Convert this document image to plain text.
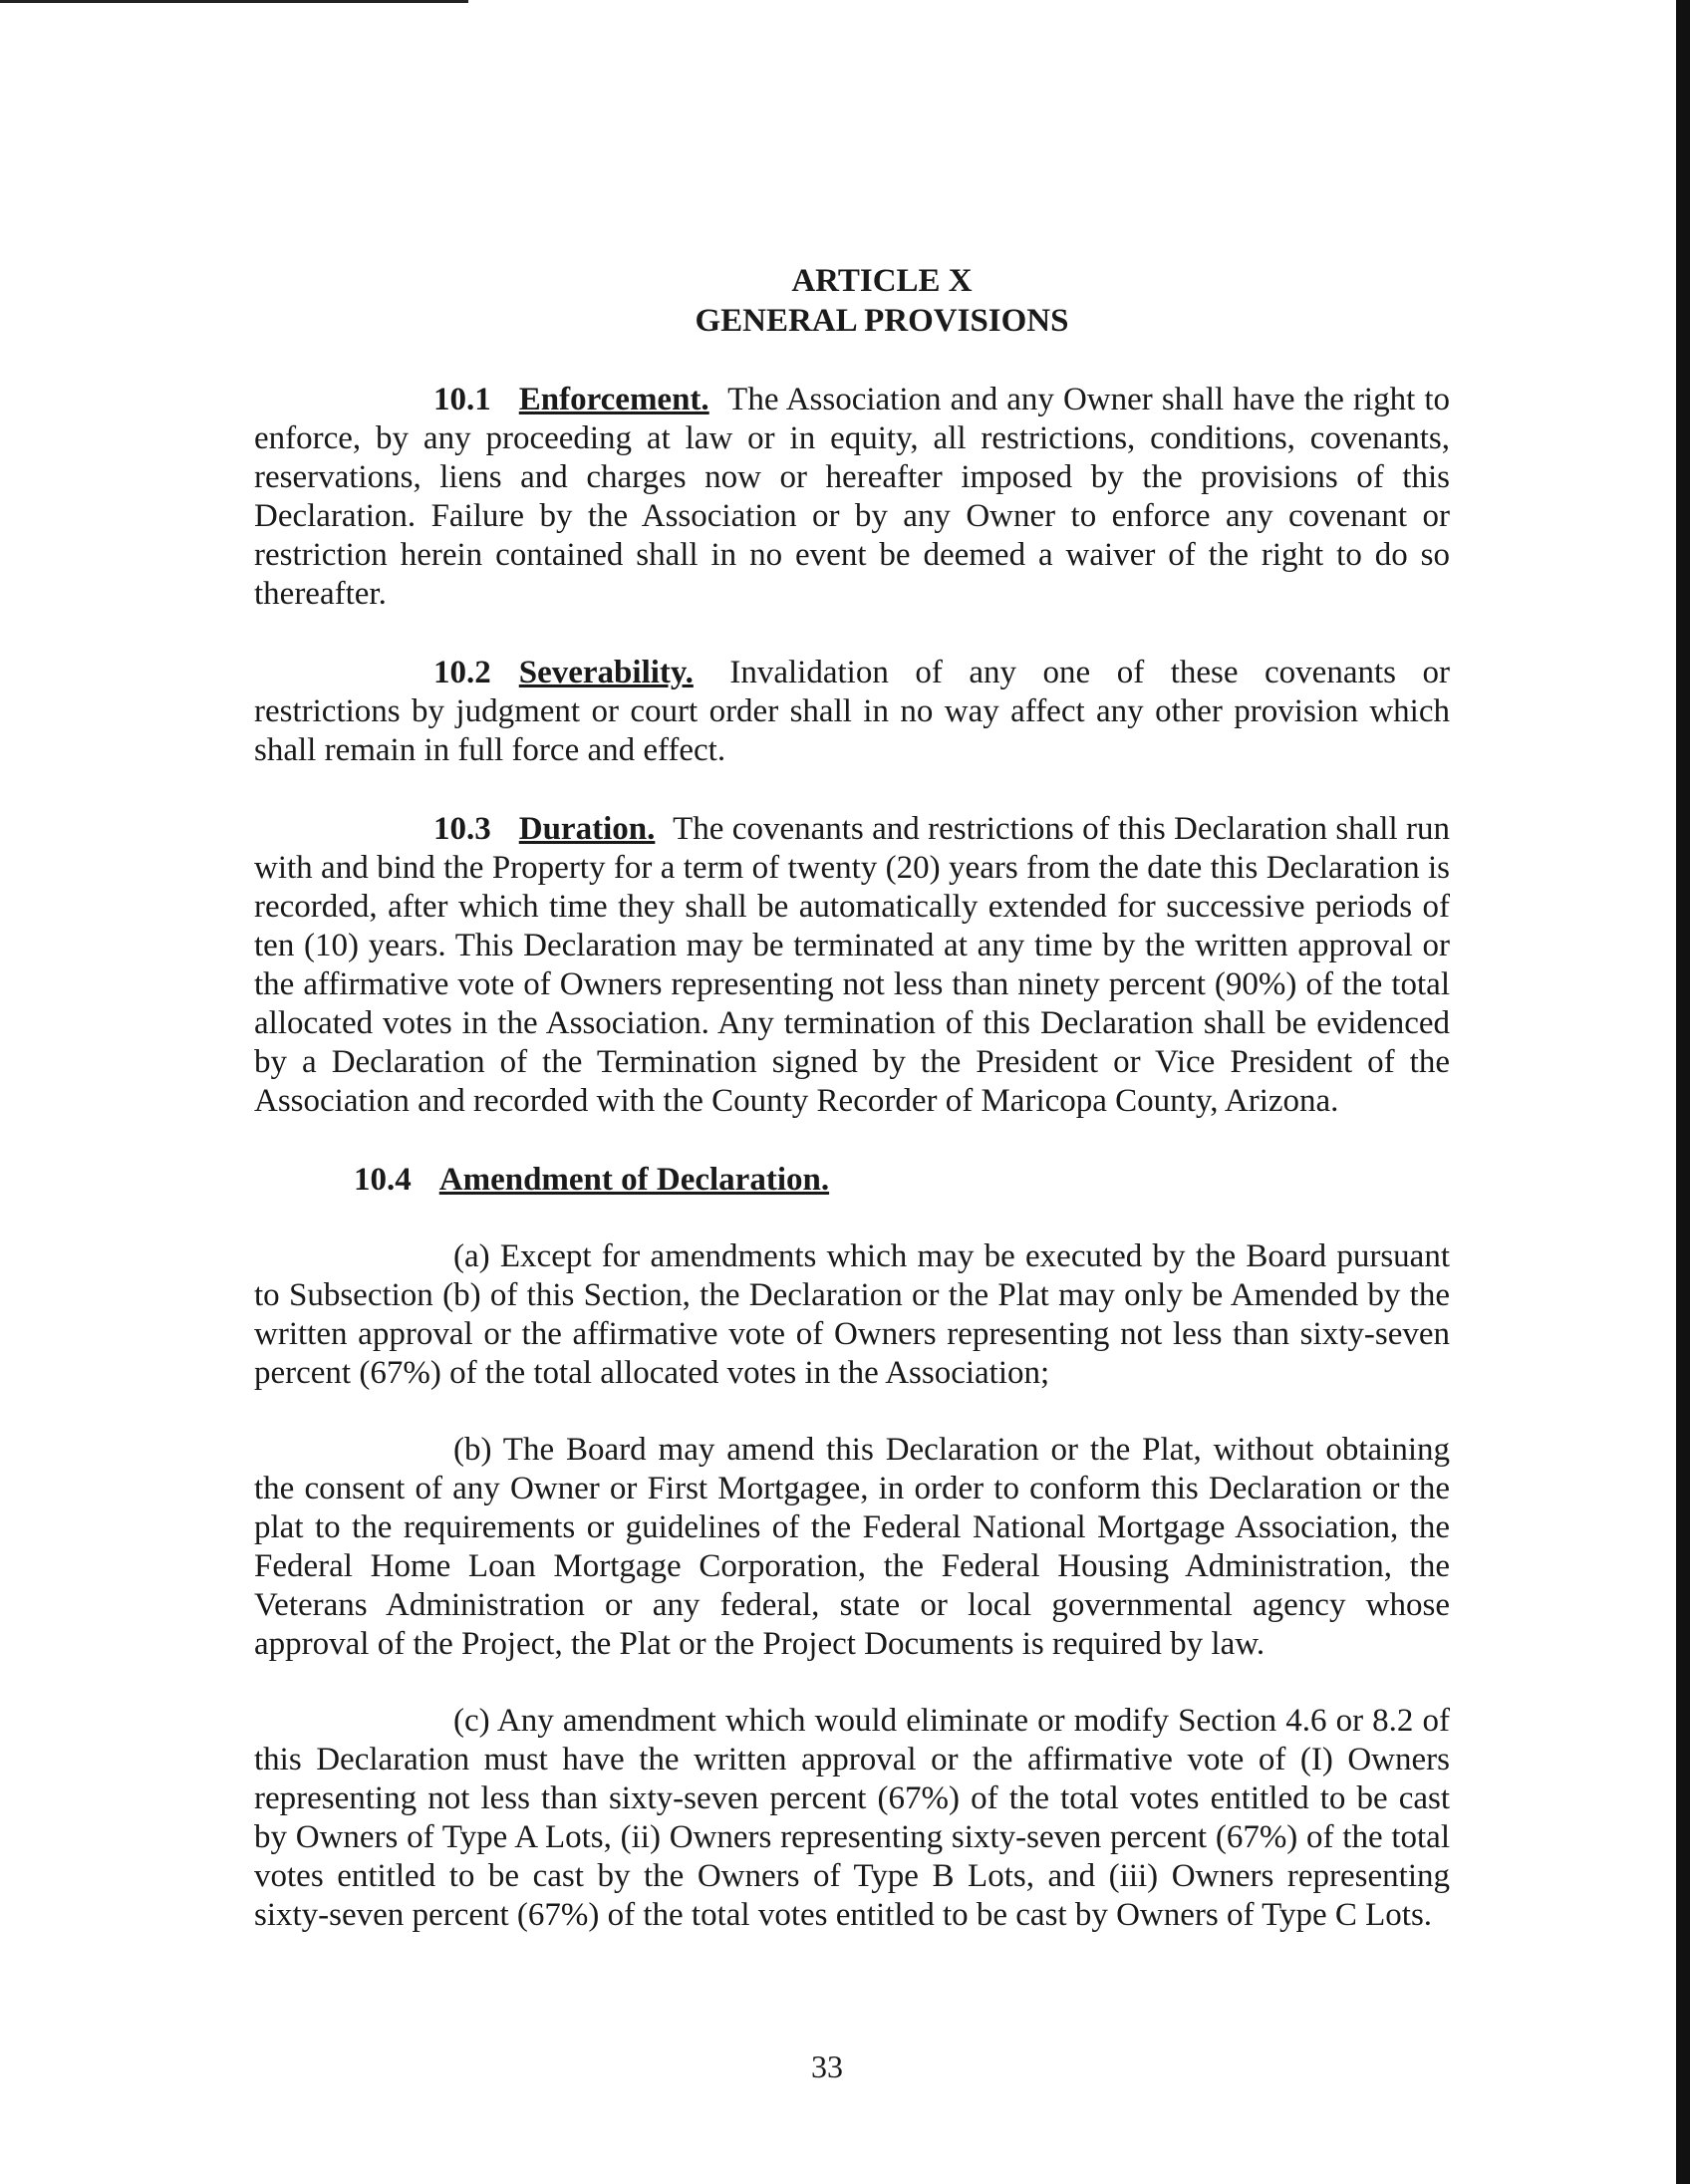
ARTICLE X
GENERAL PROVISIONS

10.1 Enforcement. The Association and any Owner shall have the right to enforce, by any proceeding at law or in equity, all restrictions, conditions, covenants, reservations, liens and charges now or hereafter imposed by the provisions of this Declaration. Failure by the Association or by any Owner to enforce any covenant or restriction herein contained shall in no event be deemed a waiver of the right to do so thereafter.

10.2 Severability. Invalidation of any one of these covenants or restrictions by judgment or court order shall in no way affect any other provision which shall remain in full force and effect.

10.3 Duration. The covenants and restrictions of this Declaration shall run with and bind the Property for a term of twenty (20) years from the date this Declaration is recorded, after which time they shall be automatically extended for successive periods of ten (10) years. This Declaration may be terminated at any time by the written approval or the affirmative vote of Owners representing not less than ninety percent (90%) of the total allocated votes in the Association. Any termination of this Declaration shall be evidenced by a Declaration of the Termination signed by the President or Vice President of the Association and recorded with the County Recorder of Maricopa County, Arizona.

10.4 Amendment of Declaration.

(a) Except for amendments which may be executed by the Board pursuant to Subsection (b) of this Section, the Declaration or the Plat may only be Amended by the written approval or the affirmative vote of Owners representing not less than sixty-seven percent (67%) of the total allocated votes in the Association;

(b) The Board may amend this Declaration or the Plat, without obtaining the consent of any Owner or First Mortgagee, in order to conform this Declaration or the plat to the requirements or guidelines of the Federal National Mortgage Association, the Federal Home Loan Mortgage Corporation, the Federal Housing Administration, the Veterans Administration or any federal, state or local governmental agency whose approval of the Project, the Plat or the Project Documents is required by law.

(c) Any amendment which would eliminate or modify Section 4.6 or 8.2 of this Declaration must have the written approval or the affirmative vote of (I) Owners representing not less than sixty-seven percent (67%) of the total votes entitled to be cast by Owners of Type A Lots, (ii) Owners representing sixty-seven percent (67%) of the total votes entitled to be cast by the Owners of Type B Lots, and (iii) Owners representing sixty-seven percent (67%) of the total votes entitled to be cast by Owners of Type C Lots.

33
